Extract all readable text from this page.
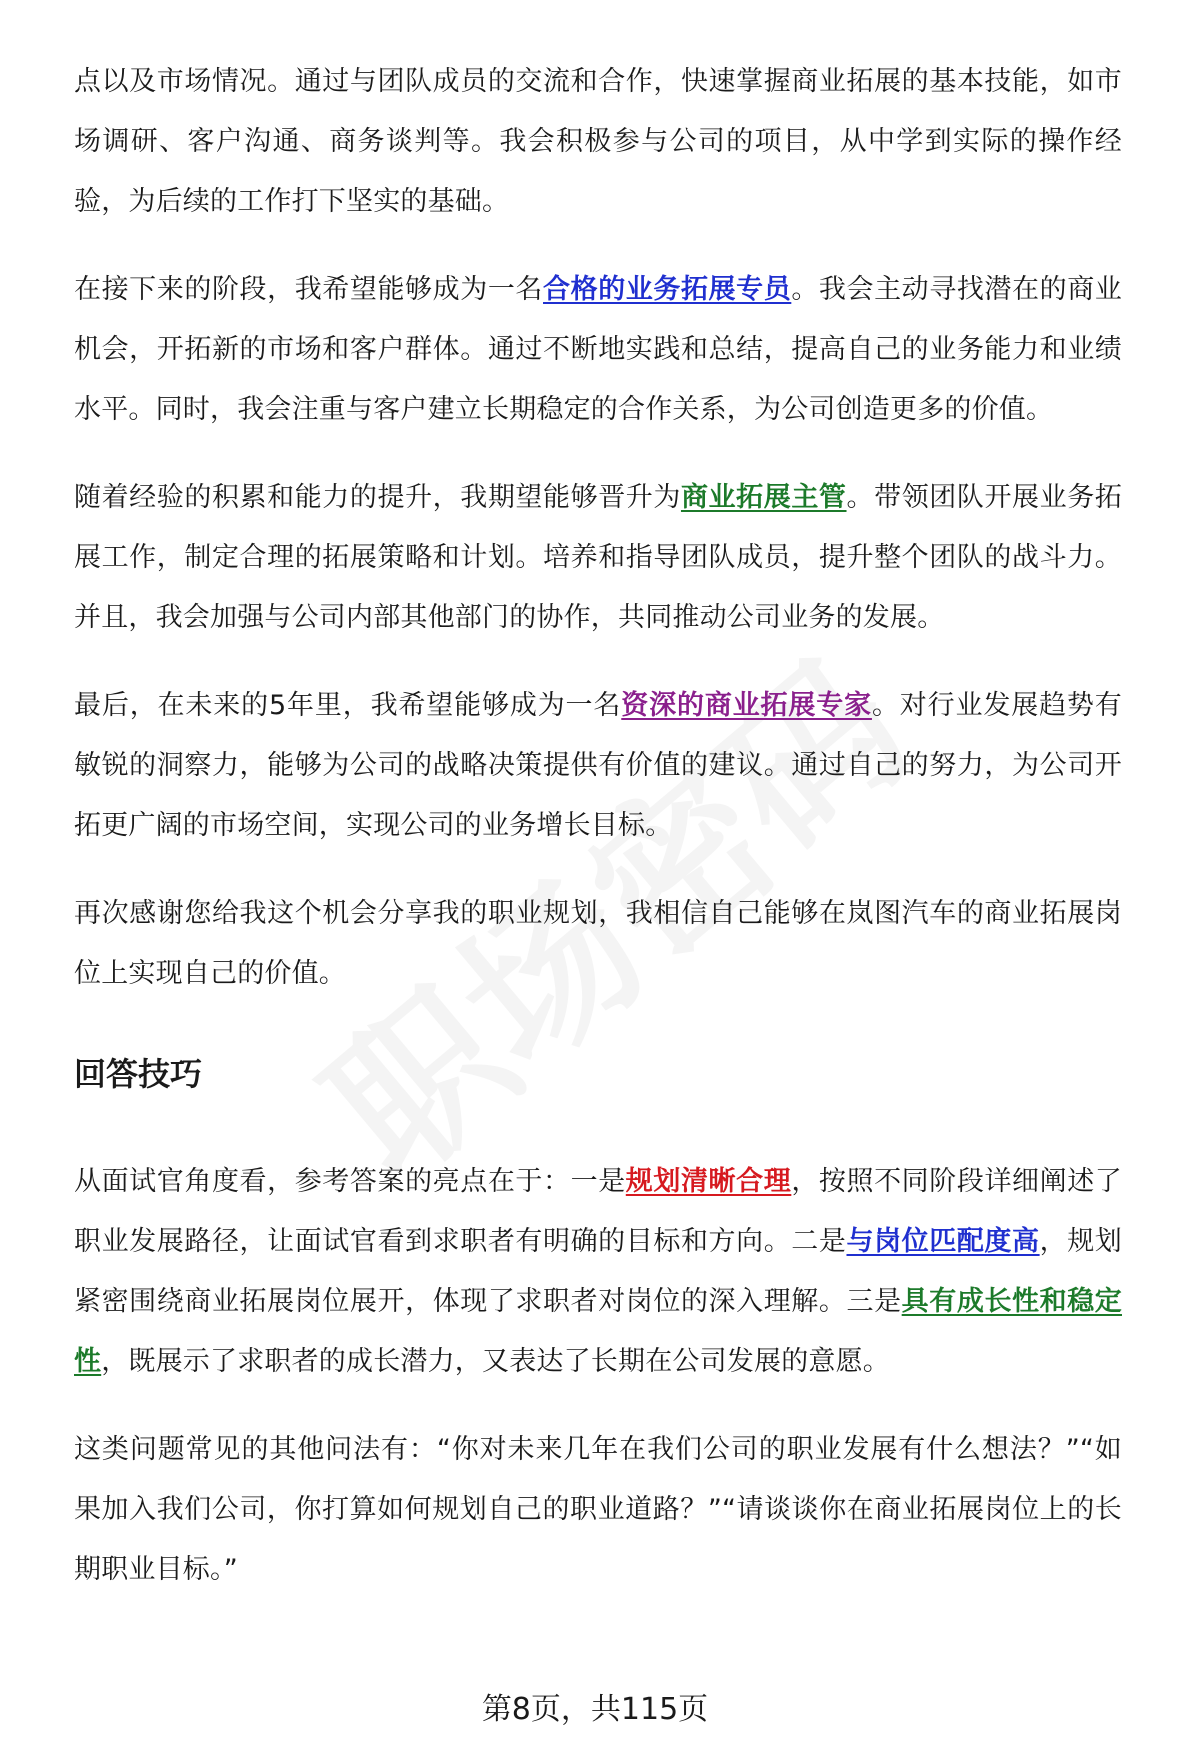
点以及市场情况。通过与团队成员的交流和合作，快速掌握商业拓展的基本技能，如市场调研、客户沟通、商务谈判等。我会积极参与公司的项目，从中学到实际的操作经验，为后续的工作打下坚实的基础。

在接下来的阶段，我希望能够成为一名合格的业务拓展专员。我会主动寻找潜在的商业机会，开拓新的市场和客户群体。通过不断地实践和总结，提高自己的业务能力和业绩水平。同时，我会注重与客户建立长期稳定的合作关系，为公司创造更多的价值。

随着经验的积累和能力的提升，我期望能够晋升为商业拓展主管。带领团队开展业务拓展工作，制定合理的拓展策略和计划。培养和指导团队成员，提升整个团队的战斗力。并且，我会加强与公司内部其他部门的协作，共同推动公司业务的发展。

最后，在未来的5年里，我希望能够成为一名资深的商业拓展专家。对行业发展趋势有敏锐的洞察力，能够为公司的战略决策提供有价值的建议。通过自己的努力，为公司开拓更广阔的市场空间，实现公司的业务增长目标。

再次感谢您给我这个机会分享我的职业规划，我相信自己能够在岚图汽车的商业拓展岗位上实现自己的价值。

回答技巧

从面试官角度看，参考答案的亮点在于：一是规划清晰合理，按照不同阶段详细阐述了职业发展路径，让面试官看到求职者有明确的目标和方向。二是与岗位匹配度高，规划紧密围绕商业拓展岗位展开，体现了求职者对岗位的深入理解。三是具有成长性和稳定性，既展示了求职者的成长潜力，又表达了长期在公司发展的意愿。

这类问题常见的其他问法有：“你对未来几年在我们公司的职业发展有什么想法？”“如果加入我们公司，你打算如何规划自己的职业道路？”“请谈谈你在商业拓展岗位上的长期职业目标。”

第8页，共115页
